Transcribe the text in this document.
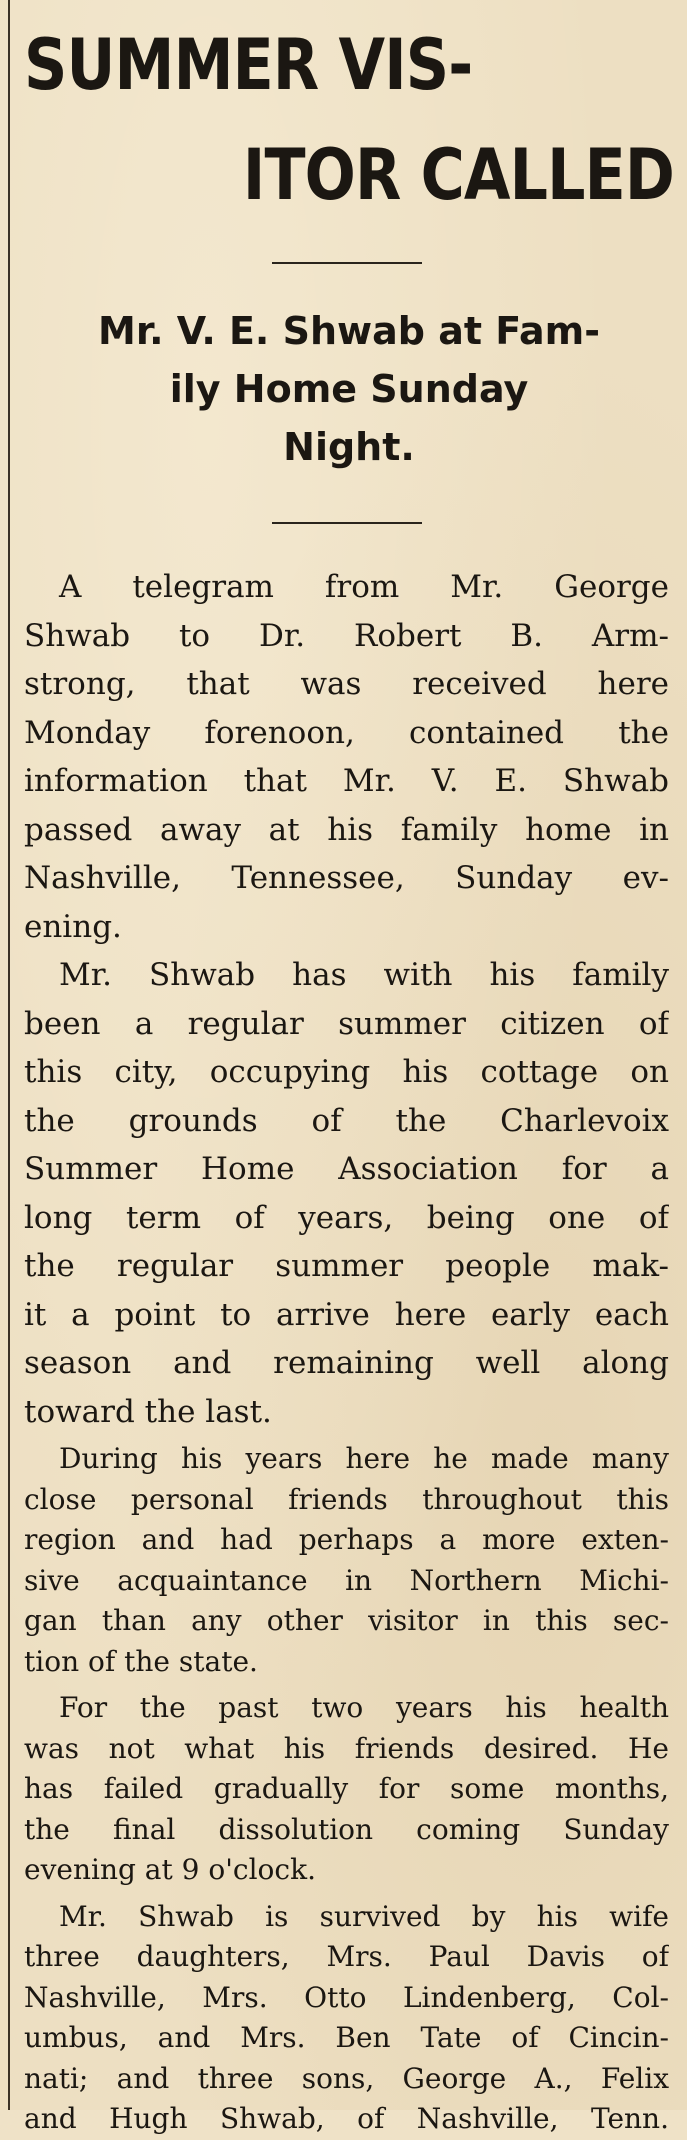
SUMMER VIS-
ITOR CALLED
Mr. V. E. Shwab at Fam-
ily Home Sunday
Night.

A telegram from Mr. George
Shwab to Dr. Robert B. Arm-
strong, that was received here
Monday forenoon, contained the
information that Mr. V. E. Shwab
passed away at his family home in
Nashville, Tennessee, Sunday ev-
ening.

Mr. Shwab has with his family
been a regular summer citizen of
this city, occupying his cottage on
the grounds of the Charlevoix
Summer Home Association for a
long term of years, being one of
the regular summer people mak-
it a point to arrive here early each
season and remaining well along
toward the last.

During his years here he made many
close personal friends throughout this
region and had perhaps a more exten-
sive acquaintance in Northern Michi-
gan than any other visitor in this sec-
tion of the state.

For the past two years his health
was not what his friends desired. He
has failed gradually for some months,
the final dissolution coming Sunday
evening at 9 o'clock.

Mr. Shwab is survived by his wife
three daughters, Mrs. Paul Davis of
Nashville, Mrs. Otto Lindenberg, Col-
umbus, and Mrs. Ben Tate of Cincin-
nati; and three sons, George A., Felix
and Hugh Shwab, of Nashville, Tenn.
